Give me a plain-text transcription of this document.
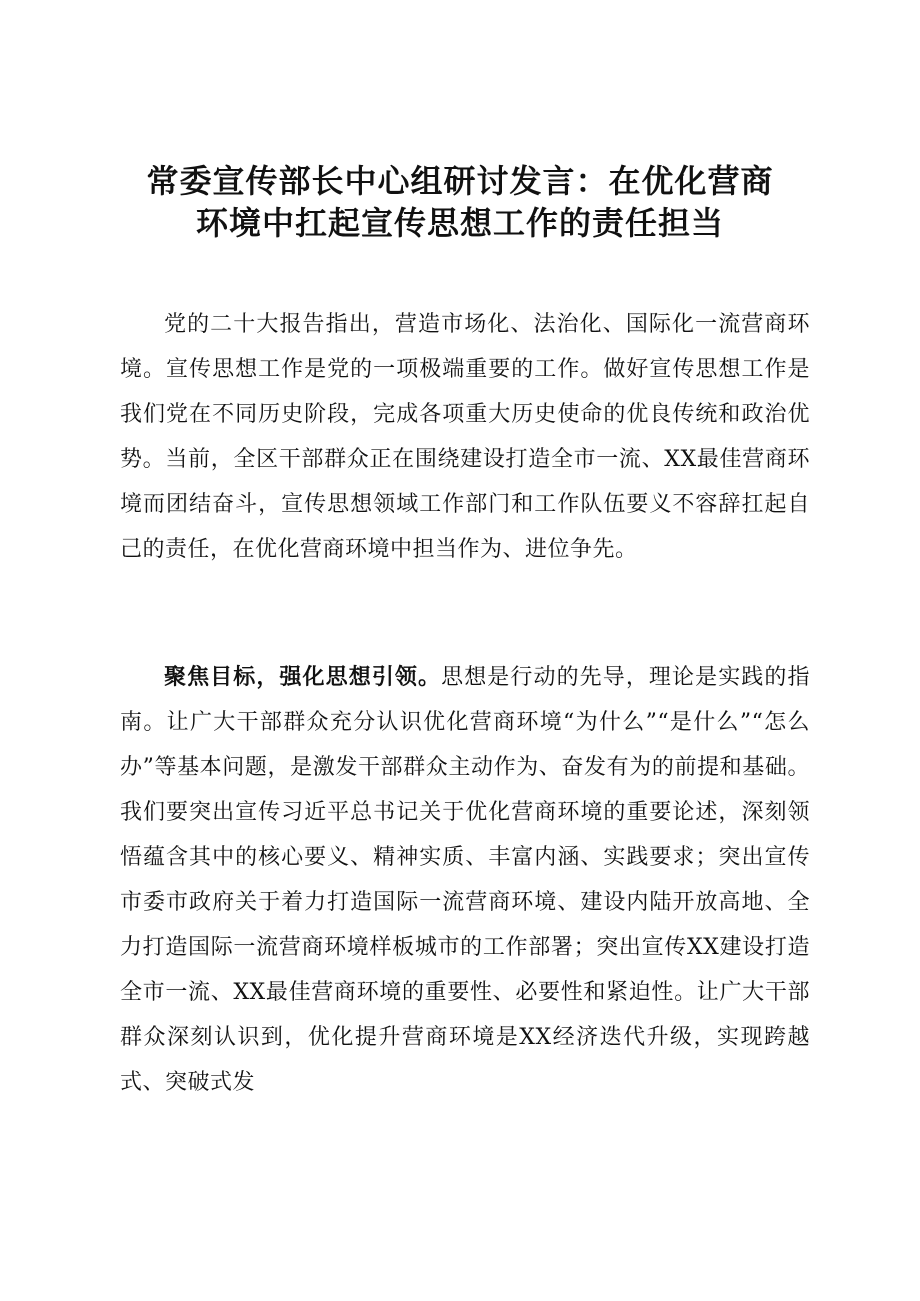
常委宣传部长中心组研讨发言：在优化营商
环境中扛起宣传思想工作的责任担当

党的二十大报告指出，营造市场化、法治化、国际化一流营商环境。宣传思想工作是党的一项极端重要的工作。做好宣传思想工作是我们党在不同历史阶段，完成各项重大历史使命的优良传统和政治优势。当前，全区干部群众正在围绕建设打造全市一流、XX最佳营商环境而团结奋斗，宣传思想领域工作部门和工作队伍要义不容辞扛起自己的责任，在优化营商环境中担当作为、进位争先。

聚焦目标，强化思想引领。思想是行动的先导，理论是实践的指南。让广大干部群众充分认识优化营商环境“为什么”“是什么”“怎么办”等基本问题，是激发干部群众主动作为、奋发有为的前提和基础。我们要突出宣传习近平总书记关于优化营商环境的重要论述，深刻领悟蕴含其中的核心要义、精神实质、丰富内涵、实践要求；突出宣传市委市政府关于着力打造国际一流营商环境、建设内陆开放高地、全力打造国际一流营商环境样板城市的工作部署；突出宣传XX建设打造全市一流、XX最佳营商环境的重要性、必要性和紧迫性。让广大干部群众深刻认识到，优化提升营商环境是XX经济迭代升级，实现跨越式、突破式发
